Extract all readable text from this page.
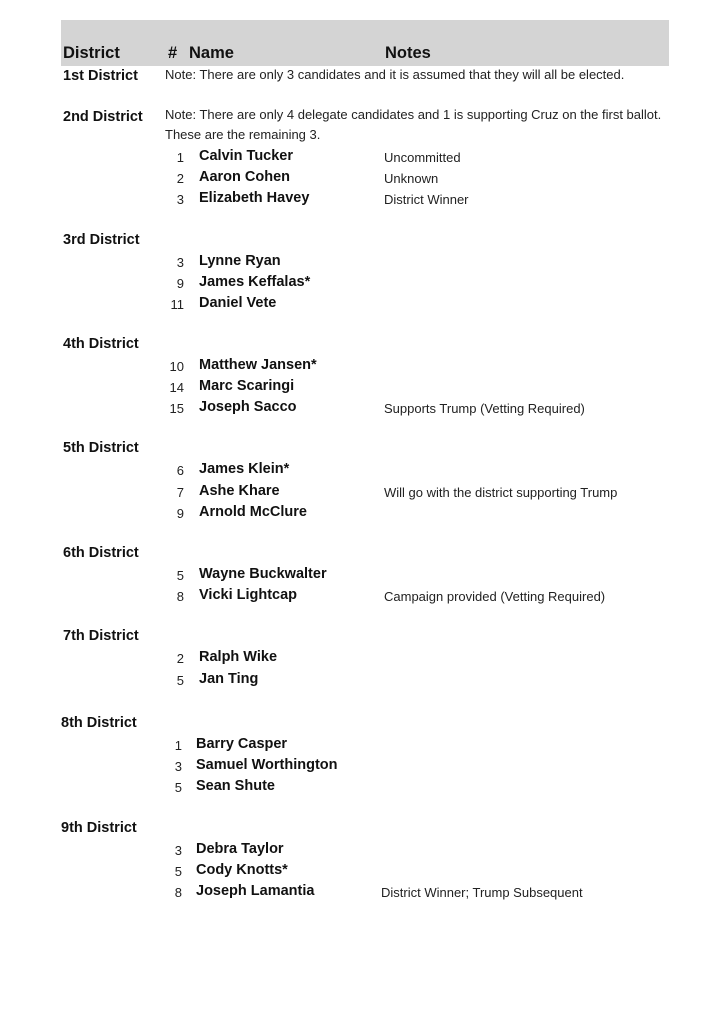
District	# Name	Notes
1st District Note: There are only 3 candidates and it is assumed that they will all be elected.
2nd District Note: There are only 4 delegate candidates and 1 is supporting Cruz on the first ballot.
These are the remaining 3.
1 Calvin Tucker	Uncommitted
2 Aaron Cohen	Unknown
3 Elizabeth Havey	District Winner
3rd District
3 Lynne Ryan
9 James Keffalas*
11 Daniel Vete
4th District
10 Matthew Jansen*
14 Marc Scaringi
15 Joseph Sacco	Supports Trump (Vetting Required)
5th District
6 James Klein*
7 Ashe Khare	Will go with the district supporting Trump
9 Arnold McClure
6th District
5 Wayne Buckwalter
8 Vicki Lightcap	Campaign provided (Vetting Required)
7th District
2 Ralph Wike
5 Jan Ting
8th District
1 Barry Casper
3 Samuel Worthington
5 Sean Shute
9th District
3 Debra Taylor
5 Cody Knotts*
8 Joseph Lamantia	District Winner; Trump Subsequent
